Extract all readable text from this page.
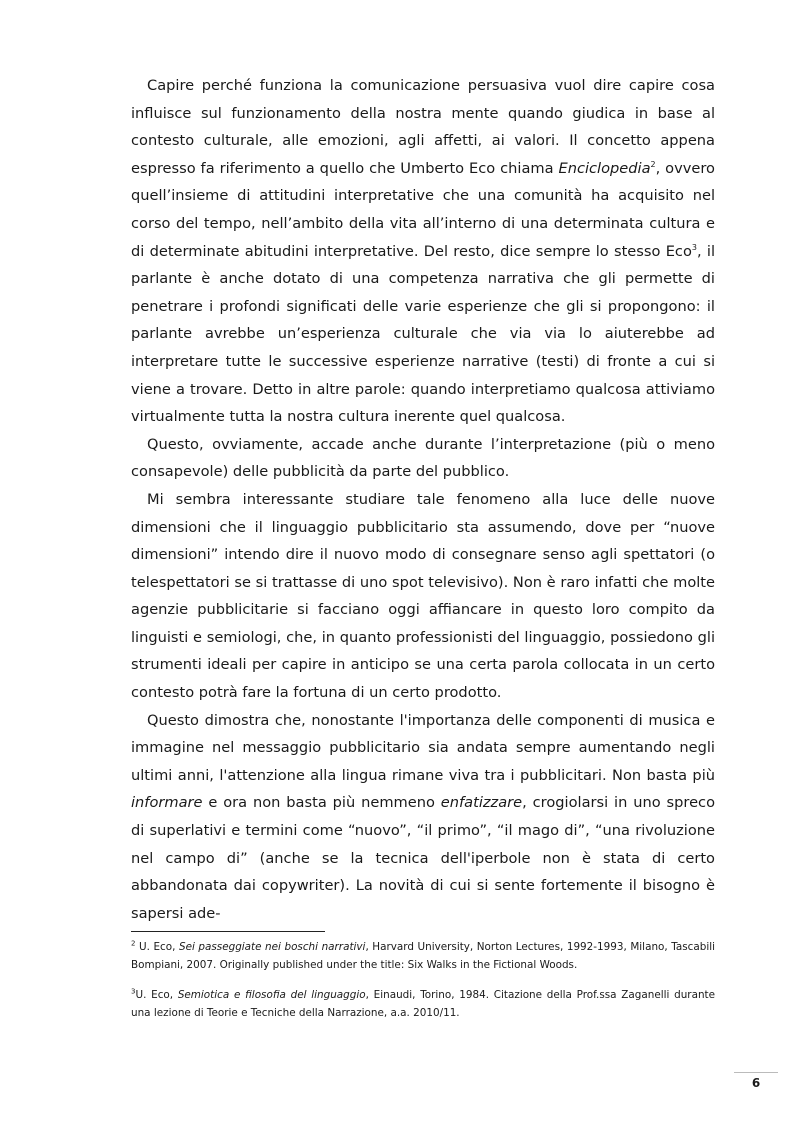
Capire perché funziona la comunicazione persuasiva vuol dire capire cosa influisce sul funzionamento della nostra mente quando giudica in base al contesto culturale, alle emozioni, agli affetti, ai valori. Il concetto appena espresso fa riferimento a quello che Umberto Eco chiama Enciclopedia$^2$, ovvero quell’insieme di attitudini interpretative che una comunità ha acquisito nel corso del tempo, nell’ambito della vita all’interno di una determinata cultura e di determinate abitudini interpretative. Del resto, dice sempre lo stesso Eco$^3$, il parlante è anche dotato di una competenza narrativa che gli permette di penetrare i profondi significati delle varie esperienze che gli si propongono: il parlante avrebbe un’esperienza culturale che via via lo aiuterebbe ad interpretare tutte le successive esperienze narrative (testi) di fronte a cui si viene a trovare. Detto in altre parole: quando interpretiamo qualcosa attiviamo virtualmente tutta la nostra cultura inerente quel qualcosa.

Questo, ovviamente, accade anche durante l’interpretazione (più o meno consapevole) delle pubblicità da parte del pubblico.

Mi sembra interessante studiare tale fenomeno alla luce delle nuove dimensioni che il linguaggio pubblicitario sta assumendo, dove per “nuove dimensioni” intendo dire il nuovo modo di consegnare senso agli spettatori (o telespettatori se si trattasse di uno spot televisivo). Non è raro infatti che molte agenzie pubblicitarie si facciano oggi affiancare in questo loro compito da linguisti e semiologi, che, in quanto professionisti del linguaggio, possiedono gli strumenti ideali per capire in anticipo se una certa parola collocata in un certo contesto potrà fare la fortuna di un certo prodotto.

Questo dimostra che, nonostante l'importanza delle componenti di musica e immagine nel messaggio pubblicitario sia andata sempre aumentando negli ultimi anni, l'attenzione alla lingua rimane viva tra i pubblicitari. Non basta più informare e ora non basta più nemmeno enfatizzare, crogiolarsi in uno spreco di superlativi e termini come “nuovo”, “il primo”, “il mago di”, “una rivoluzione nel campo di” (anche se la tecnica dell'iperbole non è stata di certo abbandonata dai copywriter). La novità di cui si sente fortemente il bisogno è sapersi ade-

$^2$ U. Eco, Sei passeggiate nei boschi narrativi, Harvard University, Norton Lectures, 1992-1993, Milano, Tascabili Bompiani, 2007. Originally published under the title: Six Walks in the Fictional Woods.

$^3$U. Eco, Semiotica e filosofia del linguaggio, Einaudi, Torino, 1984. Citazione della Prof.ssa Zaganelli durante una lezione di Teorie e Tecniche della Narrazione, a.a. 2010/11.

6
